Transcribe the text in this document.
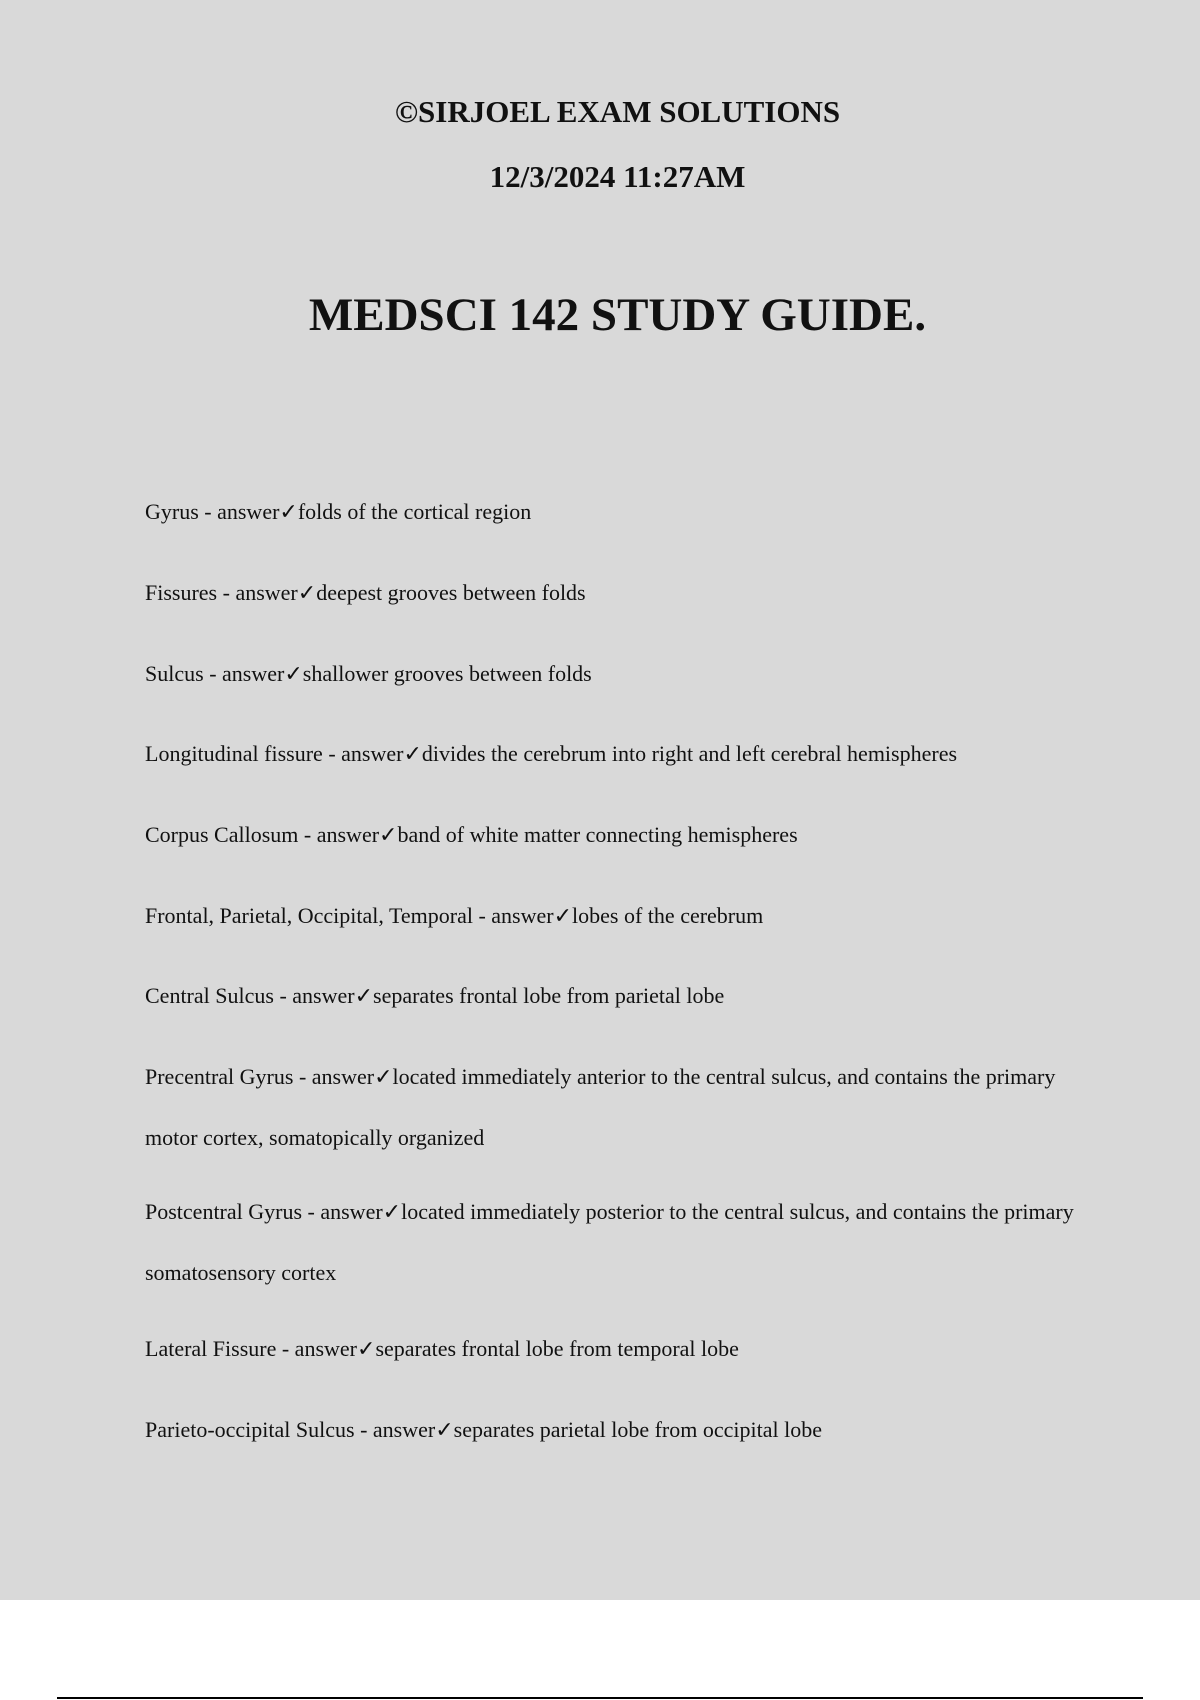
©SIRJOEL EXAM SOLUTIONS
12/3/2024 11:27AM
MEDSCI 142 STUDY GUIDE.
Gyrus - answer✓folds of the cortical region
Fissures - answer✓deepest grooves between folds
Sulcus - answer✓shallower grooves between folds
Longitudinal fissure - answer✓divides the cerebrum into right and left cerebral hemispheres
Corpus Callosum - answer✓band of white matter connecting hemispheres
Frontal, Parietal, Occipital, Temporal - answer✓lobes of the cerebrum
Central Sulcus - answer✓separates frontal lobe from parietal lobe
Precentral Gyrus - answer✓located immediately anterior to the central sulcus, and contains the primary motor cortex, somatopically organized
Postcentral Gyrus - answer✓located immediately posterior to the central sulcus, and contains the primary somatosensory cortex
Lateral Fissure - answer✓separates frontal lobe from temporal lobe
Parieto-occipital Sulcus - answer✓separates parietal lobe from occipital lobe
